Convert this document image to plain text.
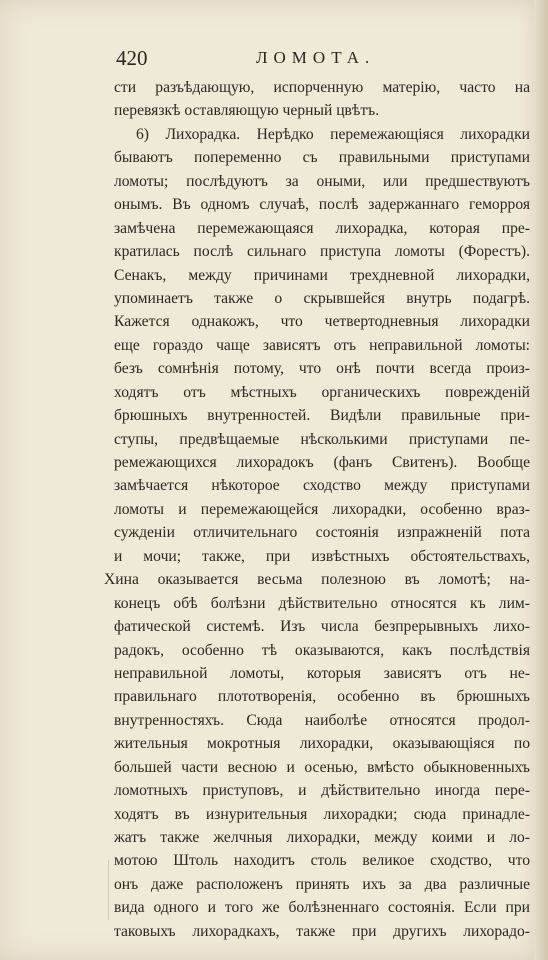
420	ЛОМОТА.
сти разъѣдающую, испорченную матерію, часто на
перевязкѣ оставляющую черный цвѣтъ.
6) Лихорадка. Нерѣдко перемежающіяся лихорадки
бываютъ попеременно съ правильными приступами
ломоты; послѣдуютъ за оными, или предшествуютъ
онымъ. Въ одномъ случаѣ, послѣ задержаннаго геморроя
замѣчена перемежающаяся лихорадка, которая пре-
кратилась послѣ сильнаго приступа ломоты (Форестъ).
Сенакъ, между причинами трехдневной лихорадки,
упоминаетъ также о скрывшейся внутрь подагрѣ.
Кажется однакожъ, что четвертодневныя лихорадки
еще гораздо чаще зависятъ отъ неправильной ломоты:
безъ сомнѣнія потому, что онѣ почти всегда произ-
ходятъ отъ мѣстныхъ органическихъ поврежденій
брюшныхъ внутренностей. Видѣли правильные при-
ступы, предвѣщаемые нѣсколькими приступами пе-
ремежающихся лихорадокъ (фанъ Свитенъ). Вообще
замѣчается нѣкоторое сходство между приступами
ломоты и перемежающейся лихорадки, особенно враз-
сужденіи отличительнаго состоянія изпражненій пота
и мочи; также, при извѣстныхъ обстоятельствахъ,
Хина оказывается весьма полезною въ ломотѣ; на-
конецъ обѣ болѣзни дѣйствительно относятся къ лим-
фатической системѣ. Изъ числа безпрерывныхъ лихо-
радокъ, особенно тѣ оказываются, какъ послѣдствія
неправильной ломоты, которыя зависятъ отъ не-
правильнаго плототворенія, особенно въ брюшныхъ
внутренностяхъ. Сюда наиболѣе относятся продол-
жительныя мокротныя лихорадки, оказывающіяся по
большей части весною и осенью, вмѣсто обыкновенныхъ
ломотныхъ приступовъ, и дѣйствительно иногда пере-
ходятъ въ изнурительныя лихорадки; сюда принадле-
жатъ также желчныя лихорадки, между коими и ло-
мотою Штоль находитъ столь великое сходство, что
онъ даже расположенъ принять ихъ за два различные
вида одного и того же болѣзненнаго состоянія. Если при
таковыхъ лихорадкахъ, также при другихъ лихорадо-
